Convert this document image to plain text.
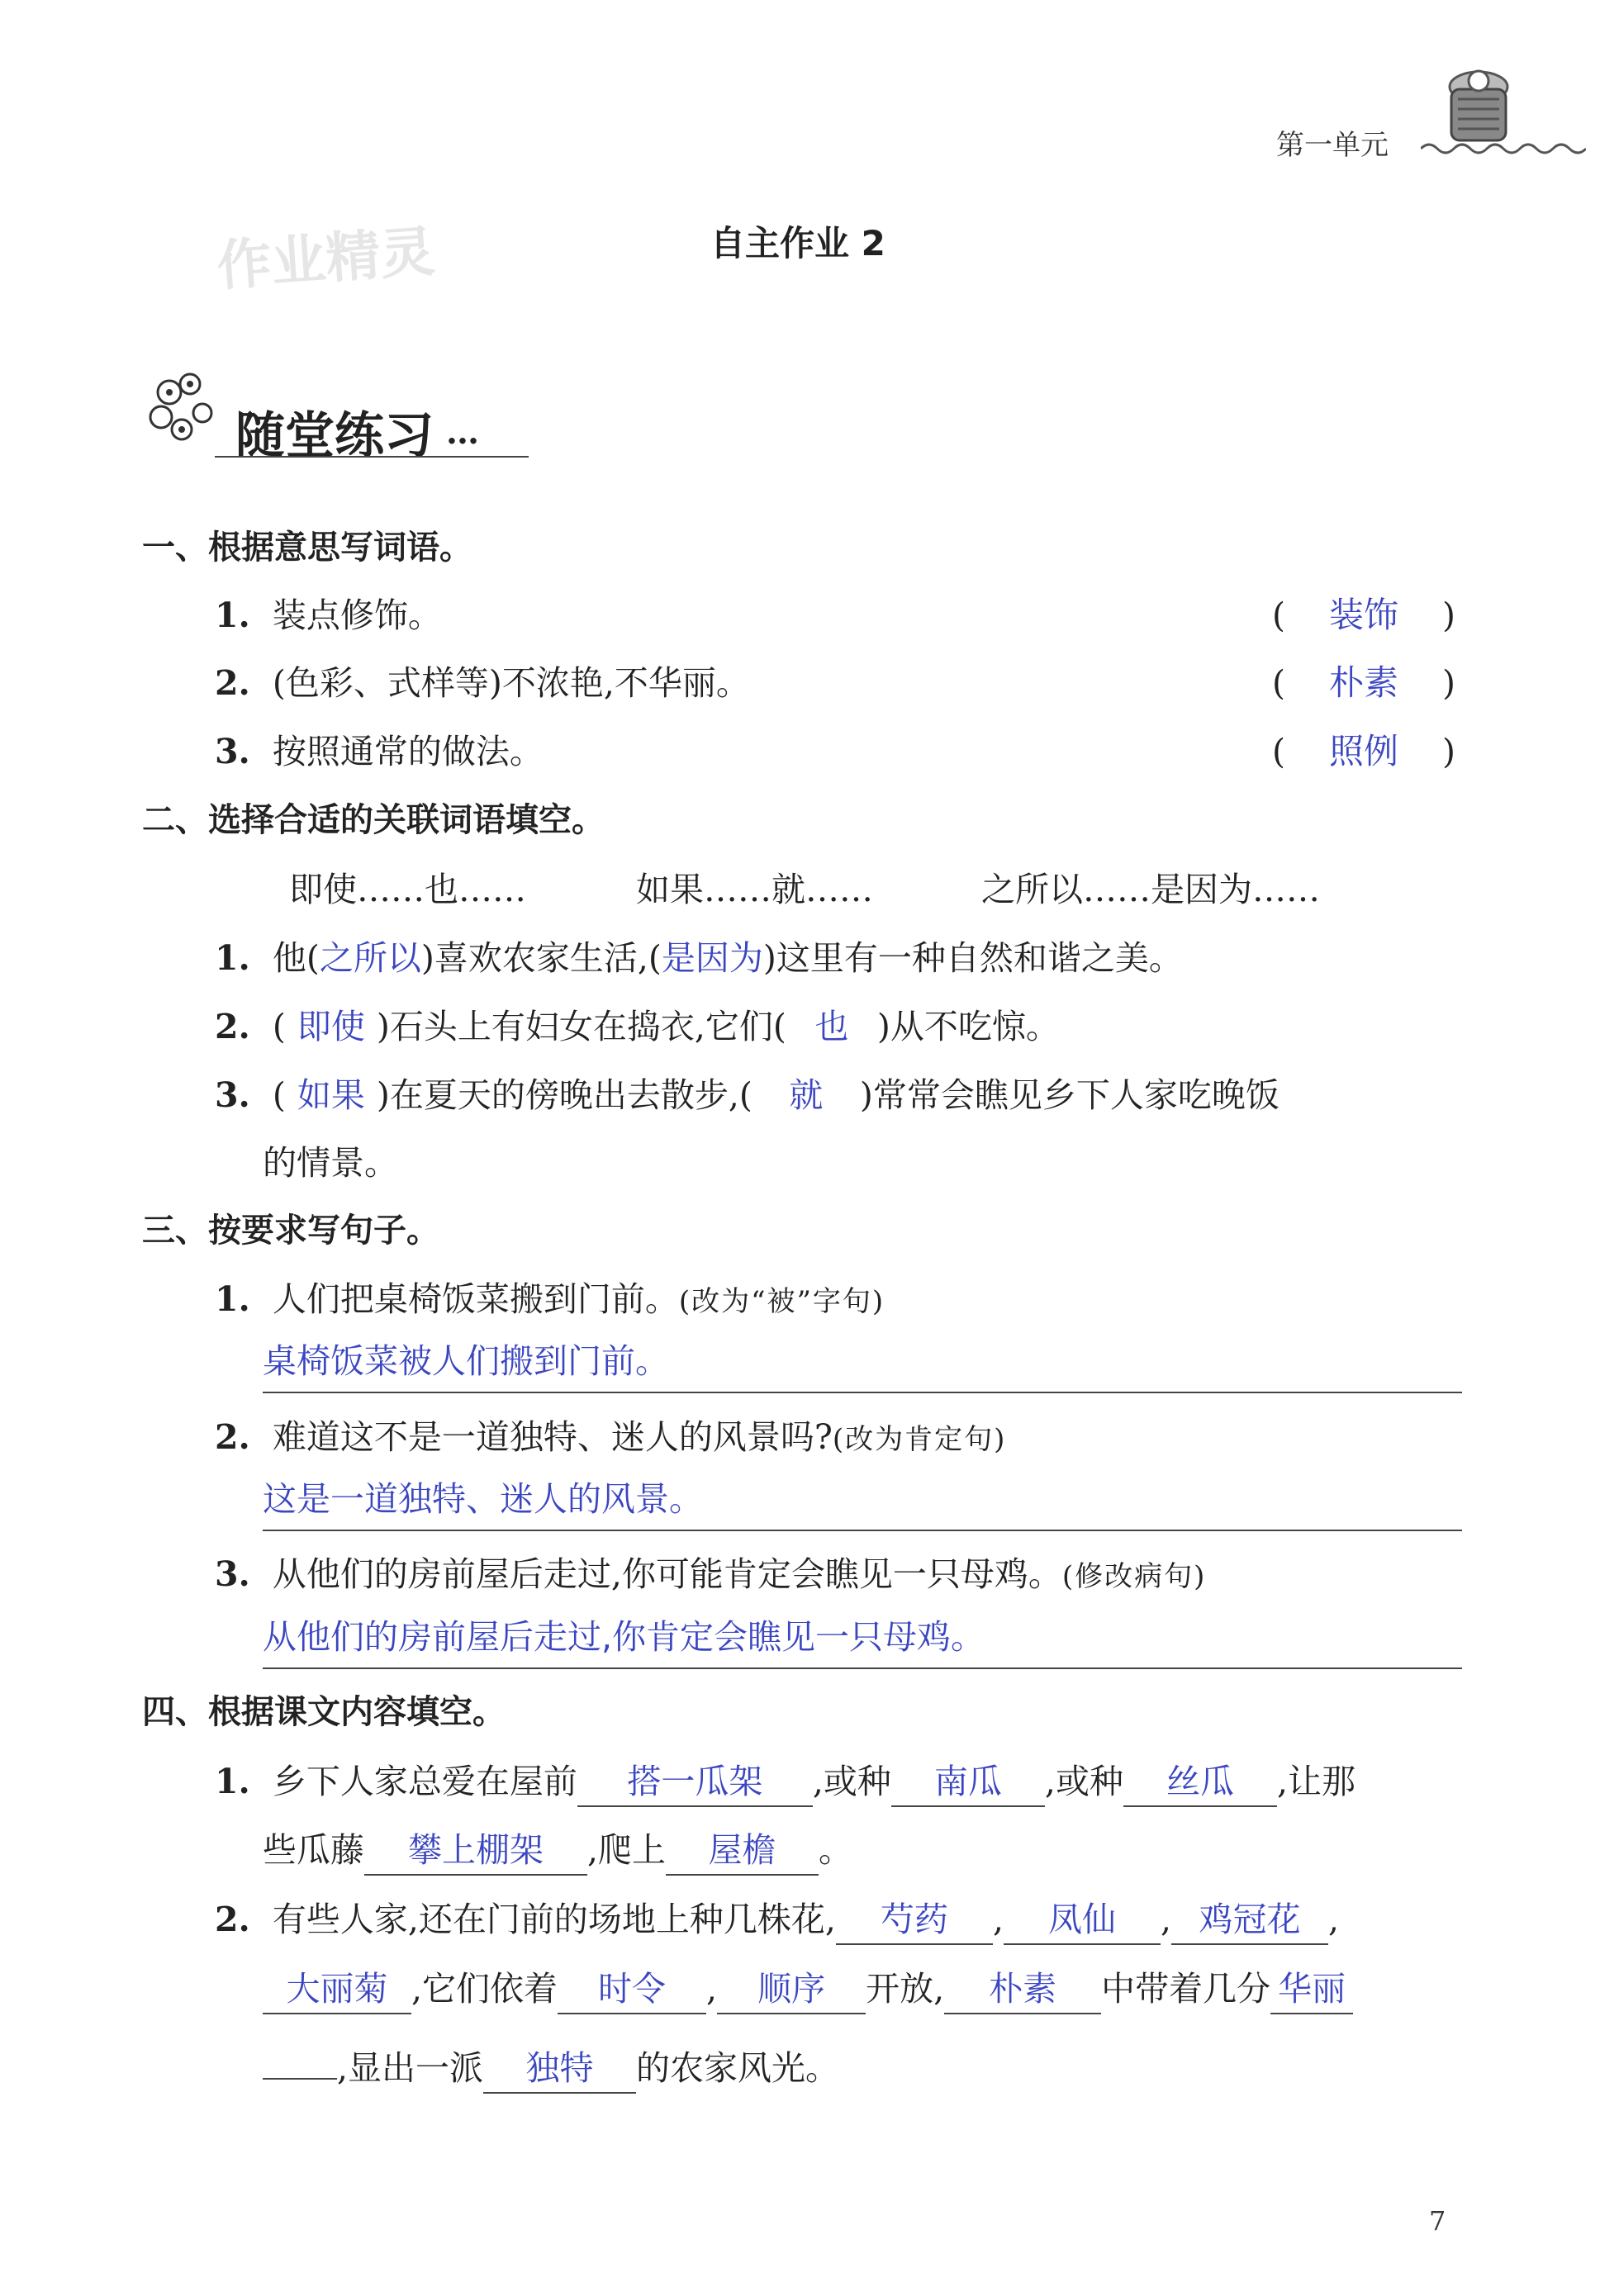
第一单元
作业精灵	自主作业 2
随堂练习 …
一、根据意思写词语。
1. 装点修饰。	( 装饰 )
2. (色彩、式样等)不浓艳,不华丽。	( 朴素 )
3. 按照通常的做法。	( 照例 )
二、选择合适的关联词语填空。
即使……也……	如果……就……	之所以……是因为……
1. 他(之所以)喜欢农家生活,(是因为)这里有一种自然和谐之美。
2. ( 即使 )石头上有妇女在捣衣,它们( 也 )从不吃惊。
3. ( 如果 )在夏天的傍晚出去散步,( 就 )常常会瞧见乡下人家吃晚饭
的情景。
三、按要求写句子。
1. 人们把桌椅饭菜搬到门前。(改为“被”字句)
桌椅饭菜被人们搬到门前。
2. 难道这不是一道独特、迷人的风景吗?(改为肯定句)
这是一道独特、迷人的风景。
3. 从他们的房前屋后走过,你可能肯定会瞧见一只母鸡。(修改病句)
从他们的房前屋后走过,你肯定会瞧见一只母鸡。
四、根据课文内容填空。
1. 乡下人家总爱在屋前 搭一瓜架 ,或种 南瓜 ,或种 丝瓜 ,让那
些瓜藤 攀上棚架 ,爬上 屋檐 。
2. 有些人家,还在门前的场地上种几株花, 芍药 , 凤仙 , 鸡冠花 ,
大丽菊 ,它们依着 时令 , 顺序 开放, 朴素 中带着几分 华丽
,显出一派 独特 的农家风光。
7
